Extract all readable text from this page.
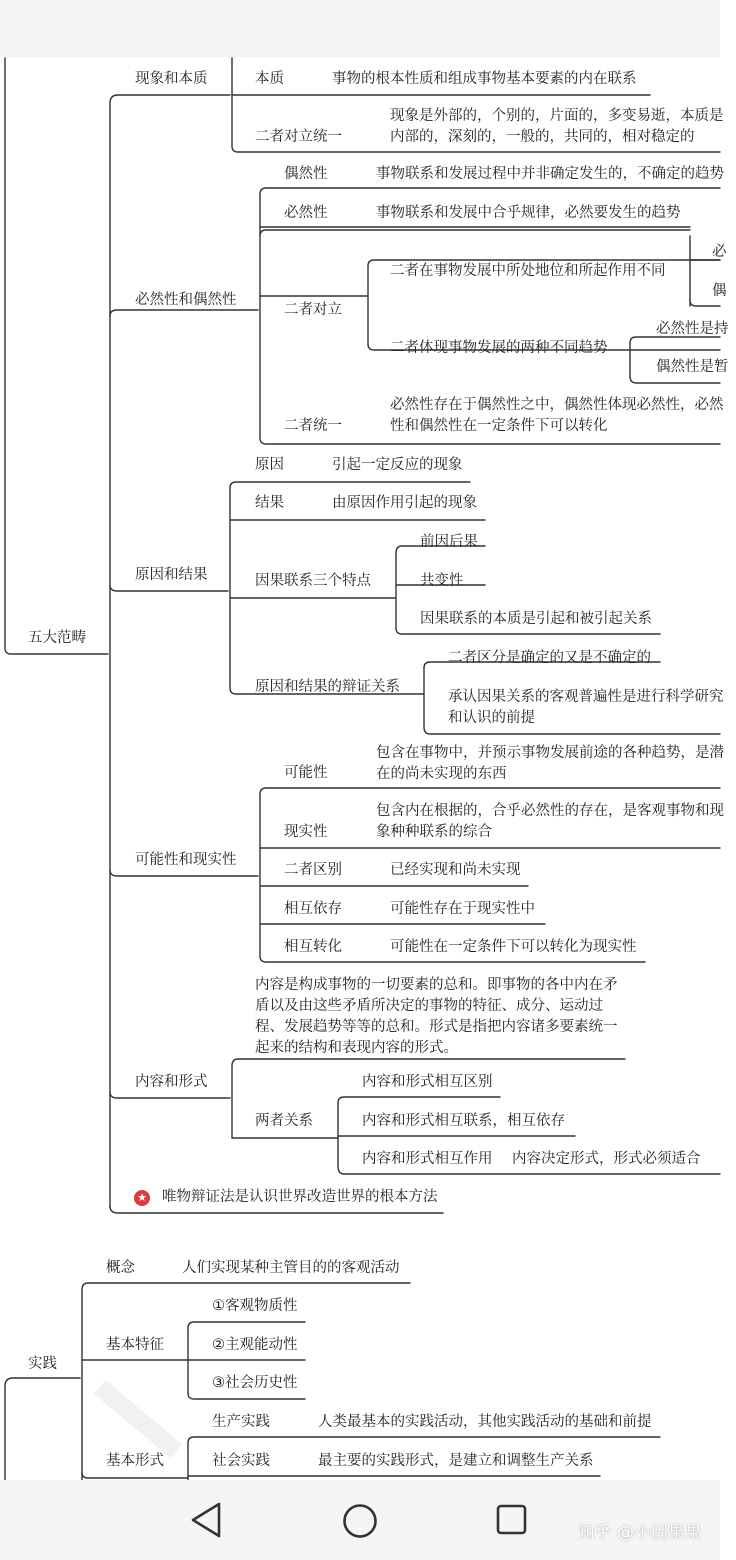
五大范畴
现象和本质	本质	事物的根本性质和组成事物基本要素的内在联系
二者对立统一
现象是外部的，个别的，片面的，多变易逝，本质是内部的，深刻的，一般的，共同的，相对稳定的
必然性和偶然性
偶然性	事物联系和发展过程中并非确定发生的，不确定的趋势
必然性	事物联系和发展中合乎规律，必然要发生的趋势
二者对立
二者在事物发展中所处地位和所起作用不同
必
偶
二者体现事物发展的两种不同趋势
必然性是持
偶然性是暂
二者统一
必然性存在于偶然性之中，偶然性体现必然性，必然性和偶然性在一定条件下可以转化
原因和结果
原因	引起一定反应的现象
结果	由原因作用引起的现象
因果联系三个特点
前因后果
共变性
因果联系的本质是引起和被引起关系
原因和结果的辩证关系
二者区分是确定的又是不确定的
承认因果关系的客观普遍性是进行科学研究和认识的前提
可能性和现实性
可能性
包含在事物中，并预示事物发展前途的各种趋势，是潜在的尚未实现的东西
现实性
包含内在根据的，合乎必然性的存在，是客观事物和现象种种联系的综合
二者区别	已经实现和尚未实现
相互依存	可能性存在于现实性中
相互转化	可能性在一定条件下可以转化为现实性
内容和形式
内容是构成事物的一切要素的总和。即事物的各中内在矛盾以及由这些矛盾所决定的事物的特征、成分、运动过程、发展趋势等等的总和。形式是指把内容诸多要素统一起来的结构和表现内容的形式。
两者关系
内容和形式相互区别
内容和形式相互联系，相互依存
内容和形式相互作用 内容决定形式，形式必须适合
★ 唯物辩证法是认识世界改造世界的根本方法
实践
概念	人们实现某种主管目的的客观活动
基本特征
①客观物质性
②主观能动性
③社会历史性
基本形式
生产实践	人类最基本的实践活动，其他实践活动的基础和前提
社会实践	最主要的实践形式，是建立和调整生产关系
知乎 @小因果果
